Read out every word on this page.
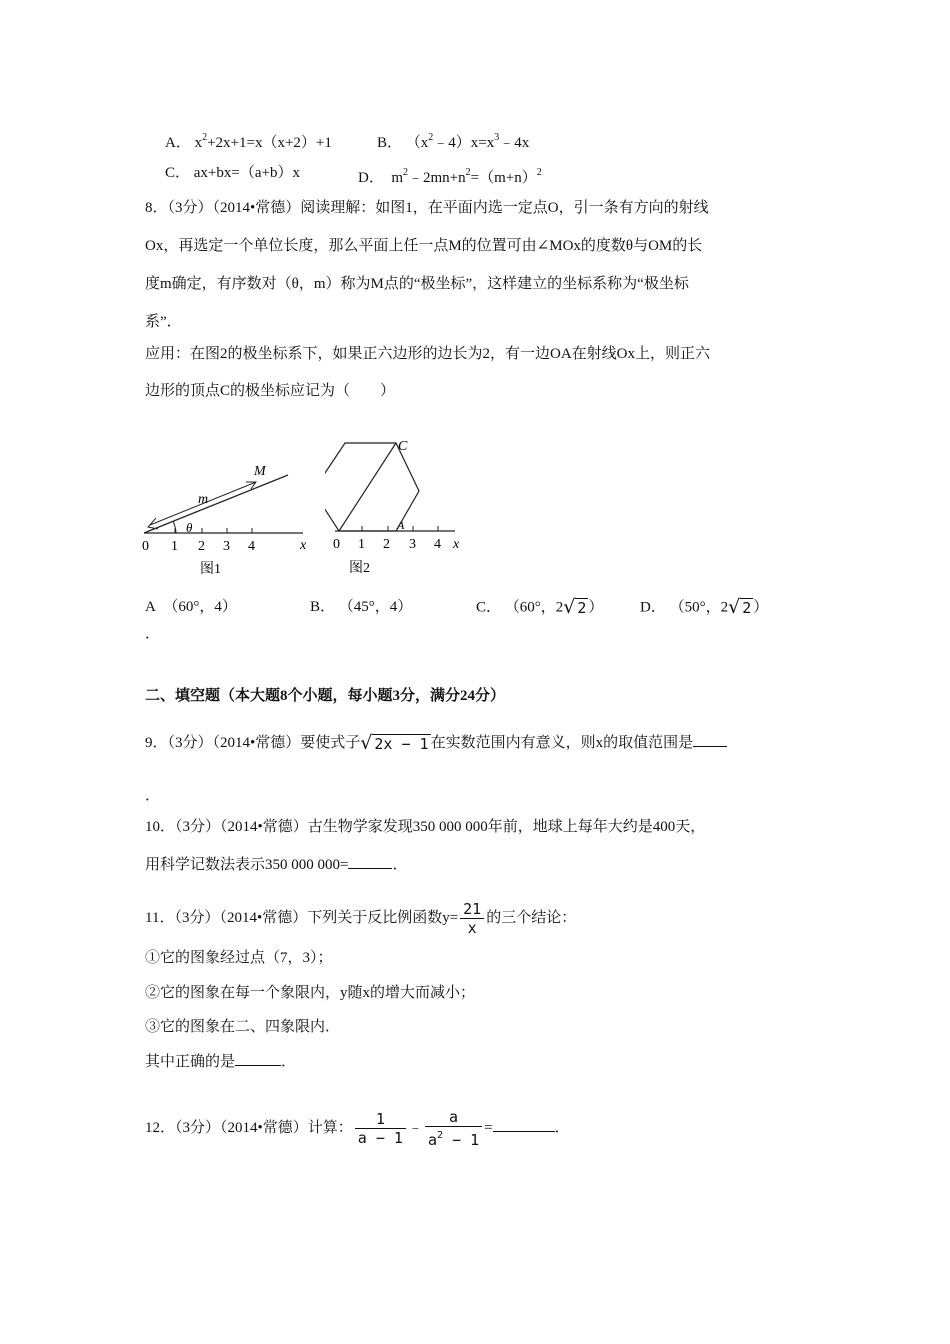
A． $x^2+2x+1=x(x+2)+1$	B． $(x^2﹣4)x=x^3﹣4x$
C． ax+bx=（a+b）x	D． $m^2﹣2mn+n^2=(m+n)^2$
8．（3分）（2014•常德）阅读理解：如图1，在平面内选一定点O，引一条有方向的射线
Ox，再选定一个单位长度，那么平面上任一点M的位置可由∠MOx的度数θ与OM的长
度m确定，有序数对（θ，m）称为M点的“极坐标”，这样建立的坐标系称为“极坐标
系”．
应用：在图2的极坐标系下，如果正六边形的边长为2，有一边OA在射线Ox上，则正六
边形的顶点C的极坐标应记为（　　）
M
m
θ
x
0 1 2 3 4
图1
C
A
x
0 1 2 3 4
图2
A （60°，4）	B． （45°，4）	C． （60°，2√ 2 ） D． （50°，2√ 2 ）
．
二、填空题（本大题8个小题，每小题3分，满分24分）
9．（3分）（2014•常德）要使式子√ 2x − 1 在实数范围内有意义，则x的取值范围是
．
10．（3分）（2014•常德）古生物学家发现350 000 000年前，地球上每年大约是400天，
用科学记数法表示350 000 000=	．
11．（3分）（2014•常德）下列关于反比例函数$y= \frac{21}{x}$ 的三个结论：
①它的图象经过点（7，3）；
②它的图象在每一个象限内，y随x的增大而减小；
③它的图象在二、四象限内．
其中正确的是	．
12．（3分）（2014•常德）计算： $\frac{1}{a - 1}$ ﹣ $\frac{a}{a^2 - 1}$ =	．
